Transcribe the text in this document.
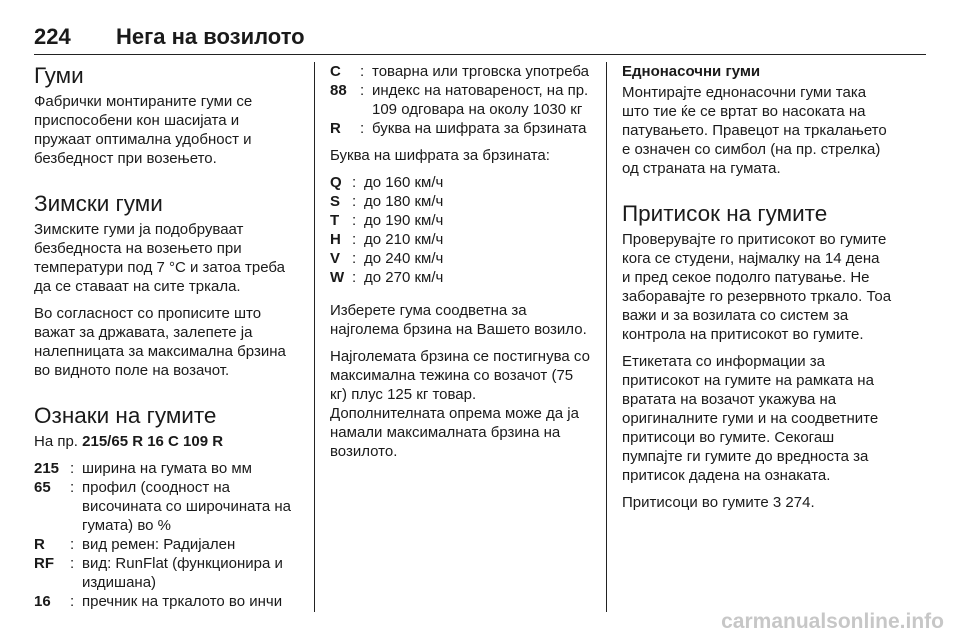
224 Нега на возилото
Гуми

Фабрички монтираните гуми се приспособени кон шасијата и пружаат оптимална удобност и безбедност при возењето.

Зимски гуми

Зимските гуми ја подобруваат безбедноста на возењето при температури под 7 °C и затоа треба да се ставаат на сите тркала.

Во согласност со прописите што важат за државата, залепете ја налепницата за максимална брзина во видното поле на возачот.

Ознаки на гумите

На пр. 215/65 R 16 C 109 R

215 : ширина на гумата во мм
65	: профил (соодност на височината со широчината на гумата) во %
R	: вид ремен: Радијален
RF	: вид: RunFlat (функционира и издишана)
16	: пречник на тркалото во инчи
C	: товарна или трговска употреба
88 : индекс на натовареност, на пр. 109 одговара на околу 1030 кг
R	: буква на шифрата за брзината

Буква на шифрата за брзината:

Q : до 160 км/ч
S : до 180 км/ч
T : до 190 км/ч
H : до 210 км/ч
V : до 240 км/ч
W : до 270 км/ч

Изберете гума соодветна за најголема брзина на Вашето возило.

Најголемата брзина се постигнува со максимална тежина со возачот (75 кг) плус 125 кг товар. Дополнителната опрема може да ја намали максималната брзина на возилото.

Еднонасочни гуми

Монтирајте еднонасочни гуми така што тие ќе се вртат во насоката на патувањето. Правецот на тркалањето е означен со симбол (на пр. стрелка) од страната на гумата.

Притисок на гумите

Проверувајте го притисокот во гумите кога се студени, најмалку на 14 дена и пред секое подолго патување. Не заборавајте го резервното тркало. Тоа важи и за возилата со систем за контрола на притисокот во гумите.

Етикетата со информации за притисокот на гумите на рамката на вратата на возачот укажува на оригиналните гуми и на соодветните притисоци во гумите. Секогаш пумпајте ги гумите до вредноста за притисок дадена на ознаката.

Притисоци во гумите 3 274.

carmanualsonline.info
